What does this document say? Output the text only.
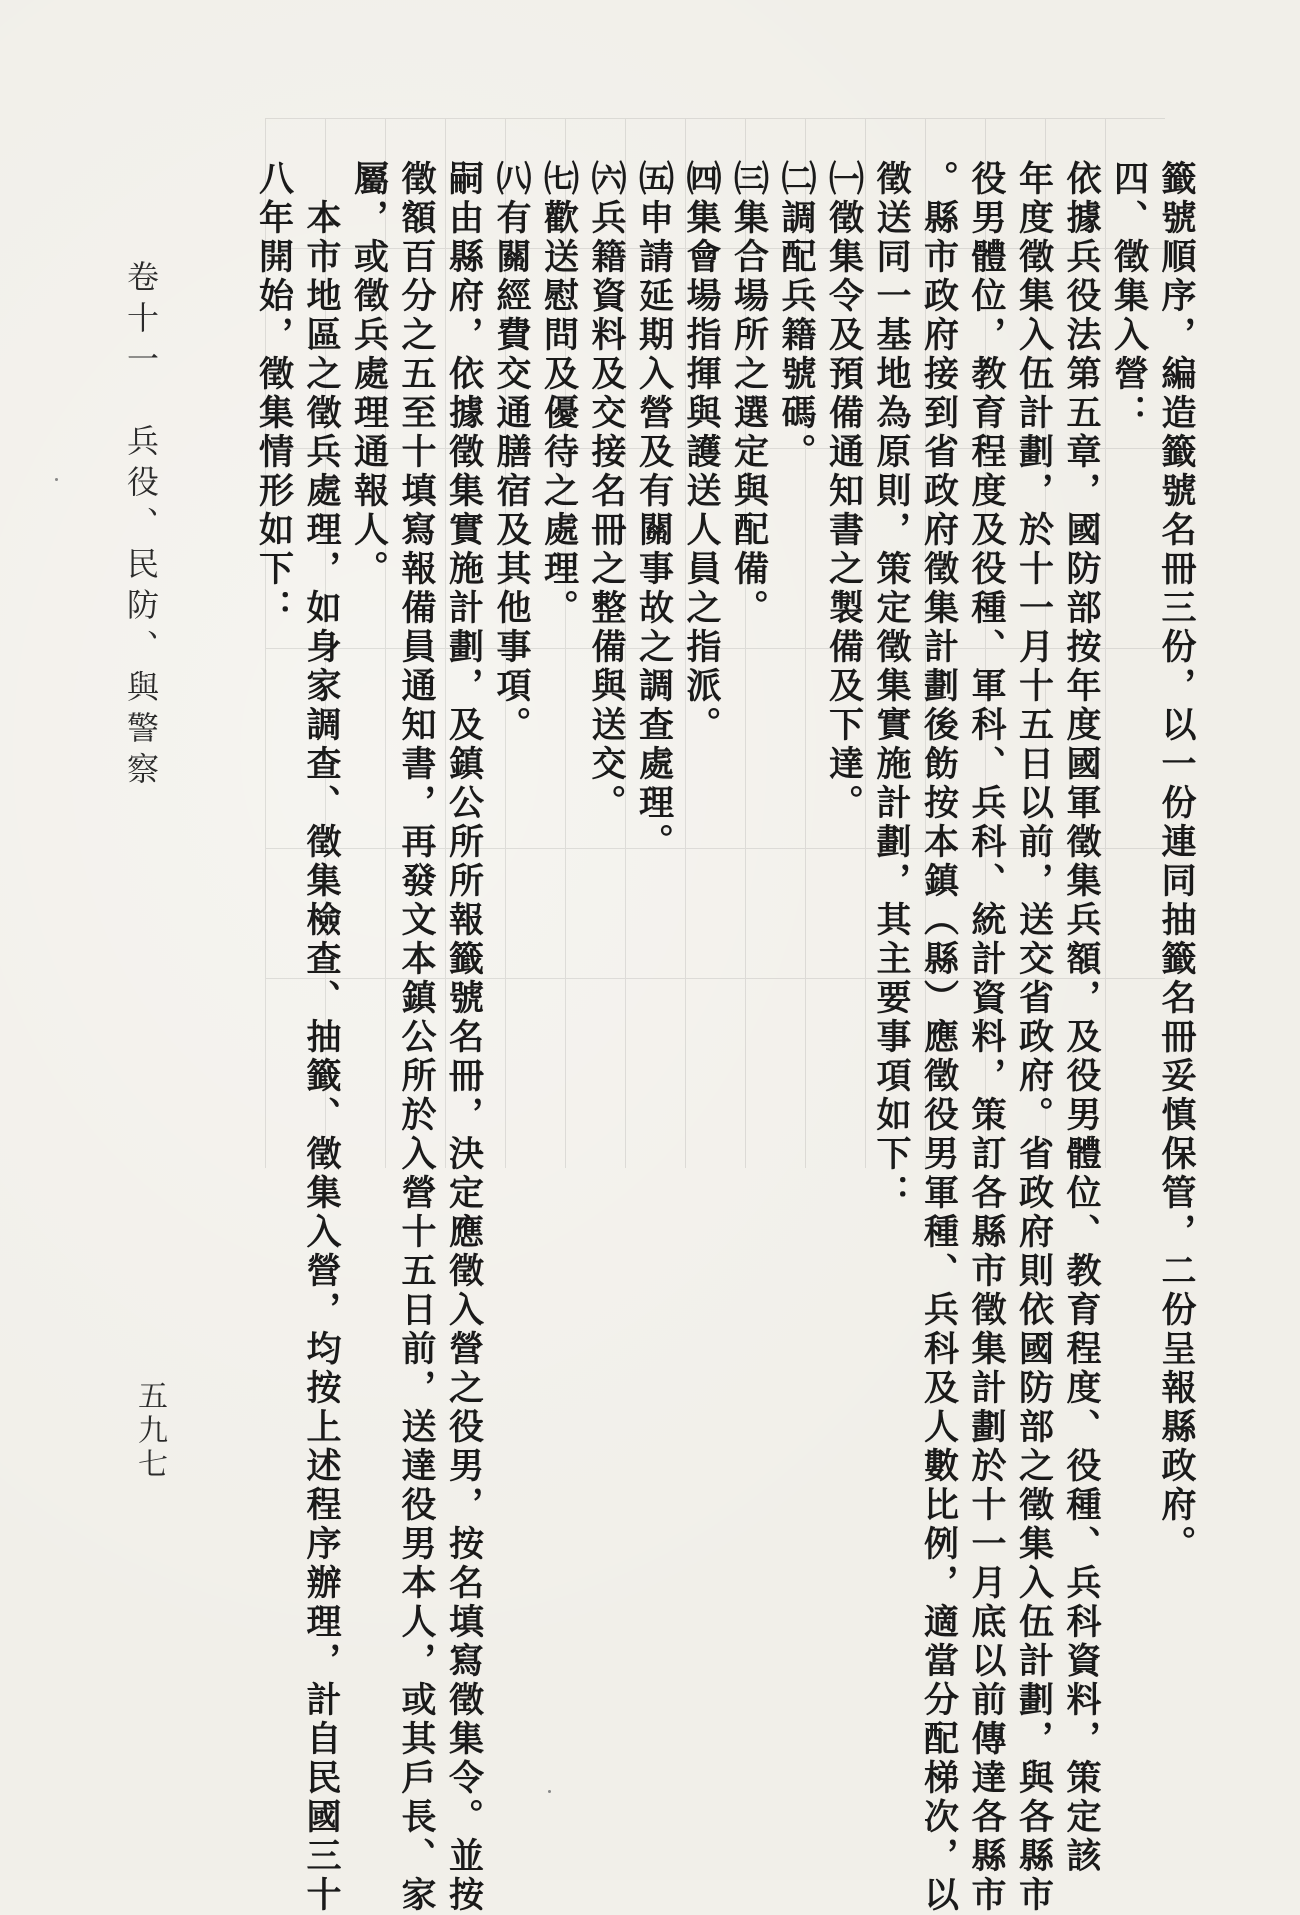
籤號順序，編造籤號名冊三份，以一份連同抽籤名冊妥慎保管，二份呈報縣政府。
四、徵集入營：
依據兵役法第五章，國防部按年度國軍徵集兵額，及役男體位、教育程度、役種、兵科資料，策定該
年度徵集入伍計劃，於十一月十五日以前，送交省政府。省政府則依國防部之徵集入伍計劃，與各縣市
役男體位，教育程度及役種、軍科、兵科、統計資料，策訂各縣市徵集計劃於十一月底以前傳達各縣市
。縣市政府接到省政府徵集計劃後飭按本鎮（縣）應徵役男軍種、兵科及人數比例，適當分配梯次，以
徵送同一基地為原則，策定徵集實施計劃，其主要事項如下：
㈠徵集令及預備通知書之製備及下達。
㈡調配兵籍號碼。
㈢集合場所之選定與配備。
㈣集會場指揮與護送人員之指派。
㈤申請延期入營及有關事故之調查處理。
㈥兵籍資料及交接名冊之整備與送交。
㈦歡送慰問及優待之處理。
㈧有關經費交通膳宿及其他事項。
嗣由縣府，依據徵集實施計劃，及鎮公所所報籤號名冊，決定應徵入營之役男，按名填寫徵集令。並按
徵額百分之五至十填寫報備員通知書，再發文本鎮公所於入營十五日前，送達役男本人，或其戶長、家
屬，或徵兵處理通報人。
　本市地區之徵兵處理，如身家調查、徵集檢查、抽籤、徵集入營，均按上述程序辦理，計自民國三十
八年開始，徵集情形如下：
卷十一　兵役、民防、與警察
五九七
